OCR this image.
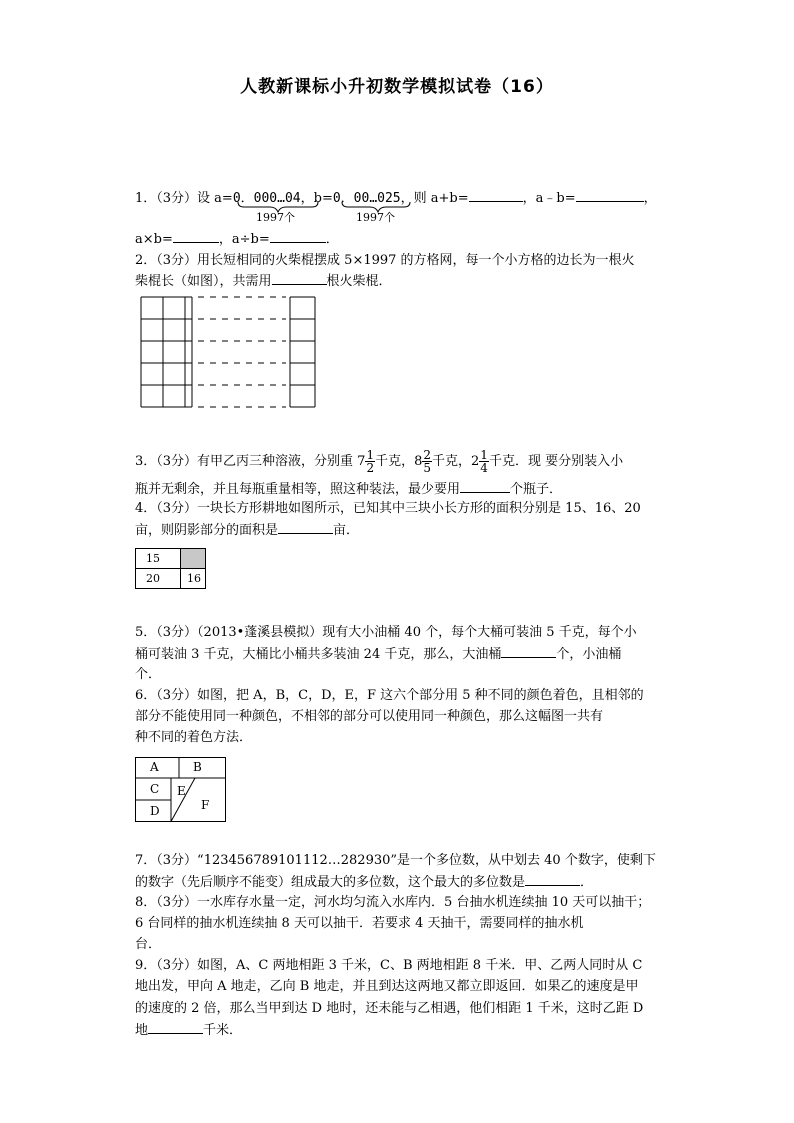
人教新课标小升初数学模拟试卷（16）
1．（3分）设 a=0．000…04，b=0．00…025，则 a+b=	，a﹣b=	，
1997个	1997个
a×b=	，a÷b=	．
2．（3分）用长短相同的火柴棍摆成 5×1997 的方格网，每一个小方格的边长为一根火
柴棍长（如图），共需用	根火柴棍．
3．（3分）有甲乙丙三种溶液，分别重 $7 \frac{1}{2}$ 千克，$8 \frac{2}{5}$ 千克，$2 \frac{1}{4}$ 千克．现 要分别装入小
瓶并无剩余，并且每瓶重量相等，照这种装法，最少要用	个瓶子．
4．（3分）一块长方形耕地如图所示，已知其中三块小长方形的面积分别是 15、16、20
亩，则阴影部分的面积是	亩．
15	
20	16
5．（3分）（2013•蓬溪县模拟）现有大小油桶 40 个，每个大桶可装油 5 千克，每个小
桶可装油 3 千克，大桶比小桶共多装油 24 千克，那么，大油桶	个，小油桶
个．
6．（3分）如图，把 A，B，C，D，E，F 这六个部分用 5 种不同的颜色着色，且相邻的
部分不能使用同一种颜色，不相邻的部分可以使用同一种颜色，那么这幅图一共有
种不同的着色方法．
A	B
C
D
E
F
7．（3分）“123456789101112…282930”是一个多位数，从中划去 40 个数字，使剩下
的数字（先后顺序不能变）组成最大的多位数，这个最大的多位数是	．
8．（3分）一水库存水量一定，河水均匀流入水库内．5 台抽水机连续抽 10 天可以抽干；
6 台同样的抽水机连续抽 8 天可以抽干．若要求 4 天抽干，需要同样的抽水机
台．
9．（3分）如图，A、C 两地相距 3 千米，C、B 两地相距 8 千米．甲、乙两人同时从 C
地出发，甲向 A 地走，乙向 B 地走，并且到达这两地又都立即返回．如果乙的速度是甲
的速度的 2 倍，那么当甲到达 D 地时，还未能与乙相遇，他们相距 1 千米，这时乙距 D
地	千米．
